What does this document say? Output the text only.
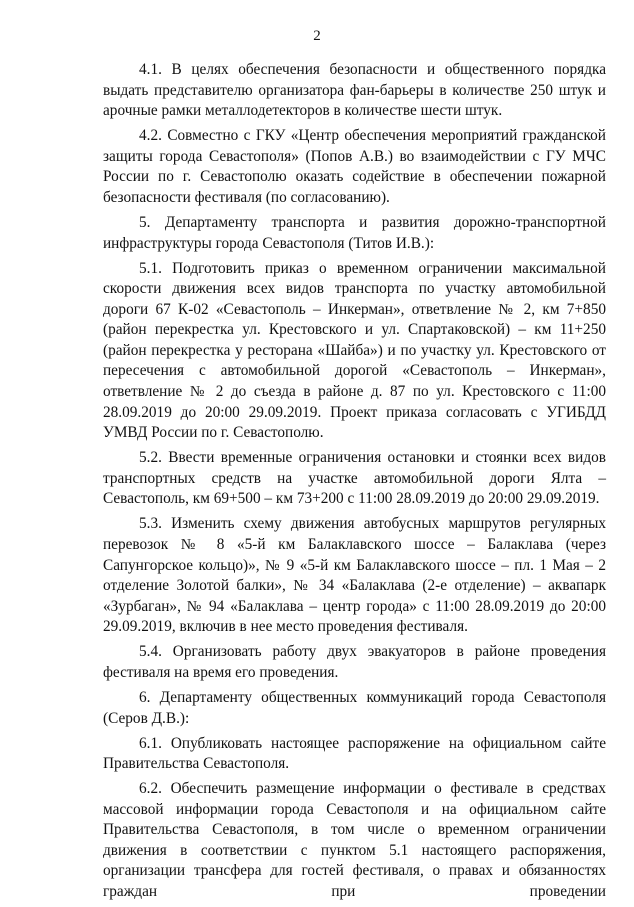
2

4.1. В целях обеспечения безопасности и общественного порядка выдать представителю организатора фан-барьеры в количестве 250 штук и арочные рамки металлодетекторов в количестве шести штук.

4.2. Совместно с ГКУ «Центр обеспечения мероприятий гражданской защиты города Севастополя» (Попов А.В.) во взаимодействии с ГУ МЧС России по г. Севастополю оказать содействие в обеспечении пожарной безопасности фестиваля (по согласованию).

5. Департаменту транспорта и развития дорожно-транспортной инфраструктуры города Севастополя (Титов И.В.):

5.1. Подготовить приказ о временном ограничении максимальной скорости движения всех видов транспорта по участку автомобильной дороги 67 К-02 «Севастополь – Инкерман», ответвление № 2, км 7+850 (район перекрестка ул. Крестовского и ул. Спартаковской) – км 11+250 (район перекрестка у ресторана «Шайба») и по участку ул. Крестовского от пересечения с автомобильной дорогой «Севастополь – Инкерман», ответвление № 2 до съезда в районе д. 87 по ул. Крестовского с 11:00 28.09.2019 до 20:00 29.09.2019. Проект приказа согласовать с УГИБДД УМВД России по г. Севастополю.

5.2. Ввести временные ограничения остановки и стоянки всех видов транспортных средств на участке автомобильной дороги Ялта – Севастополь, км 69+500 – км 73+200 с 11:00 28.09.2019 до 20:00 29.09.2019.

5.3. Изменить схему движения автобусных маршрутов регулярных перевозок № 8 «5-й км Балаклавского шоссе – Балаклава (через Сапунгорское кольцо)», № 9 «5-й км Балаклавского шоссе – пл. 1 Мая – 2 отделение Золотой балки», № 34 «Балаклава (2-е отделение) – аквапарк «Зурбаган», № 94 «Балаклава – центр города» с 11:00 28.09.2019 до 20:00 29.09.2019, включив в нее место проведения фестиваля.

5.4. Организовать работу двух эвакуаторов в районе проведения фестиваля на время его проведения.

6. Департаменту общественных коммуникаций города Севастополя (Серов Д.В.):

6.1. Опубликовать настоящее распоряжение на официальном сайте Правительства Севастополя.

6.2. Обеспечить размещение информации о фестивале в средствах массовой информации города Севастополя и на официальном сайте Правительства Севастополя, в том числе о временном ограничении движения в соответствии с пунктом 5.1 настоящего распоряжения, организации трансфера для гостей фестиваля, о правах и обязанностях граждан при проведении
